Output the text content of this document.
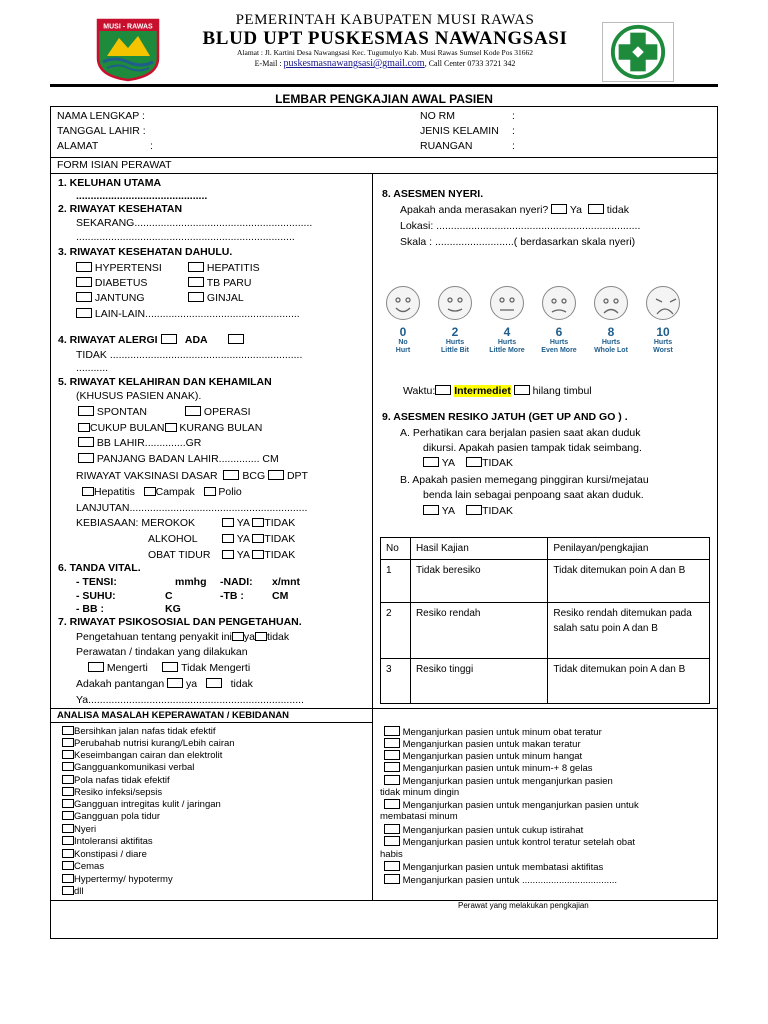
MUSI - RAWAS	PEMERINTAH KABUPATEN MUSI RAWAS
BLUD UPT PUSKESMAS NAWANGSASI
Alamat : Jl. Kartini Desa Nawangsasi Kec. Tugumulyo Kab. Musi Rawas Sumsel Kode Pos 31662
E-Mail : puskesmasnawangsasi@gmail.com, Call Center 0733 3721 342
LEMBAR PENGKAJIAN AWAL PASIEN
NAMA LENGKAP :
TANGGAL LAHIR :
ALAMAT	:
NO RM	:
JENIS KELAMIN :
RUANGAN	:
FORM ISIAN PERAWAT
1. KELUHAN UTAMA
.............................................
2. RIWAYAT KESEHATAN
SEKARANG.............................................................
...........................................................................
3. RIWAYAT KESEHATAN DAHULU.
HYPERTENSI	HEPATITIS
DIABETUS	TB PARU
JANTUNG	GINJAL
LAIN-LAIN.....................................................
4. RIWAYAT ALERGI	ADA
TIDAK ..................................................................
...........
5. RIWAYAT KELAHIRAN DAN KEHAMILAN
(KHUSUS PASIEN ANAK).
SPONTAN	OPERASI
CUKUP BULAN KURANG BULAN
BB LAHIR..............GR
PANJANG BADAN LAHIR.............. CM
RIWAYAT VAKSINASI DASAR BCG DPT
Hepatitis Campak Polio
LANJUTAN.............................................................
KEBIASAAN: MEROKOK	YA TIDAK
ALKOHOL	YA TIDAK
OBAT TIDUR	YA TIDAK
6. TANDA VITAL.
- TENSI:	mmhg -NADI: x/mnt
- SUHU:	C	-TB :	CM
- BB :	KG
7. RIWAYAT PSIKOSOSIAL DAN PENGETAHUAN.
Pengetahuan tentang penyakit ini ya tidak
Perawatan / tindakan yang dilakukan
Mengerti	Tidak Mengerti
Adakah pantangan ya	tidak
Ya..........................................................................
8. ASESMEN NYERI.
Apakah anda merasakan nyeri? Ya tidak
Lokasi: ......................................................................
Skala : ...........................( berdasarkan skala nyeri)
0
No
Hurt
2
Hurts
Little Bit
4
Hurts
Little More
6
Hurts
Even More
8
Hurts
Whole Lot
10
Hurts
Worst
Waktu: Intermediet hilang timbul
9. ASESMEN RESIKO JATUH (GET UP AND GO ) .
A. Perhatikan cara berjalan pasien saat akan duduk
dikursi. Apakah pasien tampak tidak seimbang.
YA	TIDAK
B. Apakah pasien memegang pinggiran kursi/mejatau
benda lain sebagai penpoang saat akan duduk.
YA	TIDAK
No	Hasil Kajian	Penilayan/pengkajian
1	Tidak beresiko	Tidak ditemukan poin A dan B
2	Resiko rendah	Resiko rendah ditemukan pada salah satu poin A dan B
3	Resiko tinggi	Tidak ditemukan poin A dan B
ANALISA MASALAH KEPERAWATAN / KEBIDANAN
Bersihkan jalan nafas tidak efektif
Perubahab nutrisi kurang/Lebih cairan
Keseimbangan cairan dan elektrolit
Gangguankomunikasi verbal
Pola nafas tidak efektif
Resiko infeksi/sepsis
Gangguan intregitas kulit / jaringan
Gangguan pola tidur
Nyeri
Intoleransi aktifitas
Konstipasi / diare
Cemas
Hypertermy/ hypotermy
dll
Menganjurkan pasien untuk minum obat teratur
Menganjurkan pasien untuk makan teratur
Menganjurkan pasien untuk minum hangat
Menganjurkan pasien untuk minum-+ 8 gelas
Menganjurkan pasien untuk menganjurkan pasien
tidak minum dingin
Menganjurkan pasien untuk menganjurkan pasien untuk
membatasi minum
Menganjurkan pasien untuk cukup istirahat
Menganjurkan pasien untuk kontrol teratur setelah obat
habis
Menganjurkan pasien untuk membatasi aktifitas
Menganjurkan pasien untuk ....................................
Perawat yang melakukan pengkajian
